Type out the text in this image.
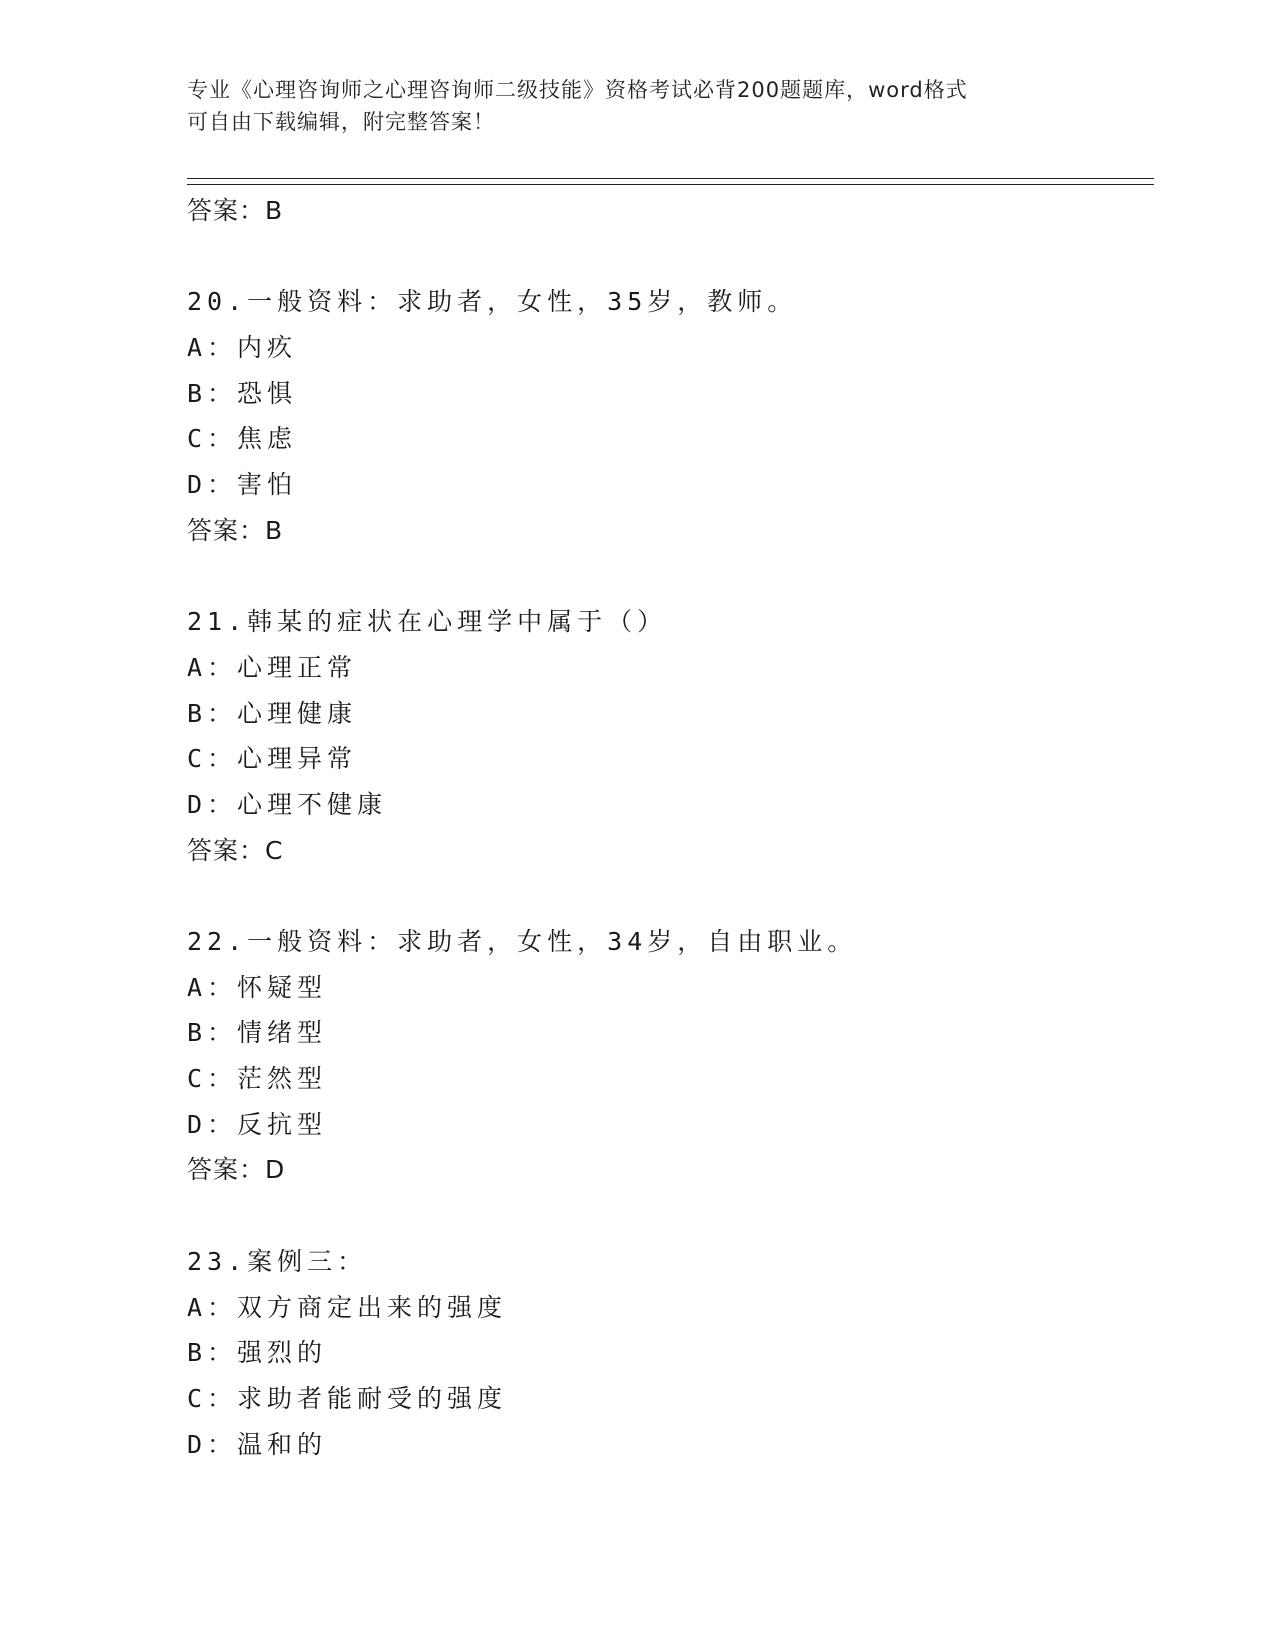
专业《心理咨询师之心理咨询师二级技能》资格考试必背200题题库，word格式
可自由下载编辑，附完整答案！
答案：B
20.一般资料：求助者，女性，35岁，教师。
A：内疚
B：恐惧
C：焦虑
D：害怕
答案：B
21.韩某的症状在心理学中属于（）
A：心理正常
B：心理健康
C：心理异常
D：心理不健康
答案：C
22.一般资料：求助者，女性，34岁，自由职业。
A：怀疑型
B：情绪型
C：茫然型
D：反抗型
答案：D
23.案例三：
A：双方商定出来的强度
B：强烈的
C：求助者能耐受的强度
D：温和的
